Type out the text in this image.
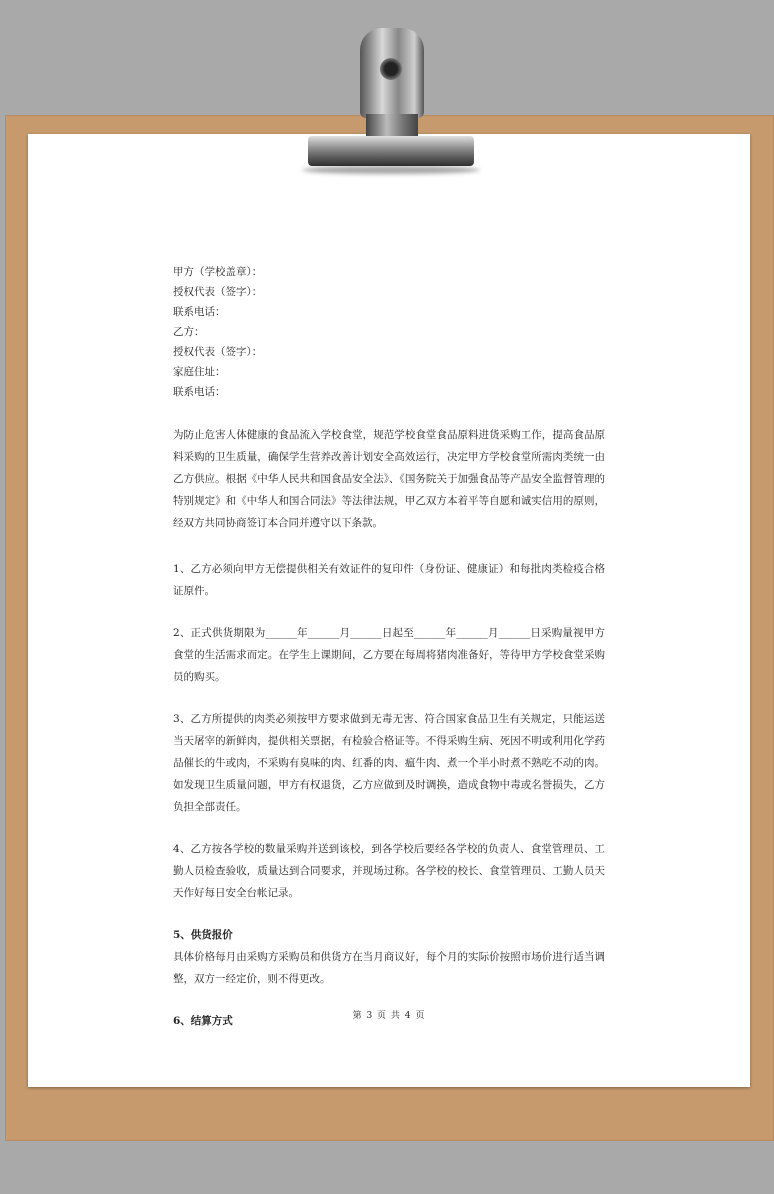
甲方（学校盖章）：

授权代表（签字）：

联系电话：

乙方：

授权代表（签字）：

家庭住址：

联系电话：

为防止危害人体健康的食品流入学校食堂，规范学校食堂食品原料进货采购工作，提高食品原料采购的卫生质量，确保学生营养改善计划安全高效运行，决定甲方学校食堂所需肉类统一由乙方供应。根据《中华人民共和国食品安全法》、《国务院关于加强食品等产品安全监督管理的特别规定》和《中华人和国合同法》等法律法规，甲乙双方本着平等自愿和诚实信用的原则，经双方共同协商签订本合同并遵守以下条款。

1、乙方必须向甲方无偿提供相关有效证件的复印件（身份证、健康证）和每批肉类检疫合格证原件。

2、正式供货期限为______年______月______日起至______年______月______日采购量视甲方食堂的生活需求而定。在学生上课期间，乙方要在每周将猪肉准备好，等待甲方学校食堂采购员的购买。

3、乙方所提供的肉类必须按甲方要求做到无毒无害、符合国家食品卫生有关规定，只能运送当天屠宰的新鲜肉，提供相关票据，有检验合格证等。不得采购生病、死因不明或利用化学药品催长的牛或肉，不采购有臭味的肉、红番的肉、瘟牛肉、煮一个半小时煮不熟吃不动的肉。如发现卫生质量问题，甲方有权退货，乙方应做到及时调换，造成食物中毒或名誉损失，乙方负担全部责任。

4、乙方按各学校的数量采购并送到该校，到各学校后要经各学校的负责人、食堂管理员、工勤人员检查验收，质量达到合同要求，并现场过称。各学校的校长、食堂管理员、工勤人员天天作好每日安全台帐记录。

5、供货报价

具体价格每月由采购方采购员和供货方在当月商议好，每个月的实际价按照市场价进行适当调整，双方一经定价，则不得更改。

6、结算方式	第 3 页 共 4 页
